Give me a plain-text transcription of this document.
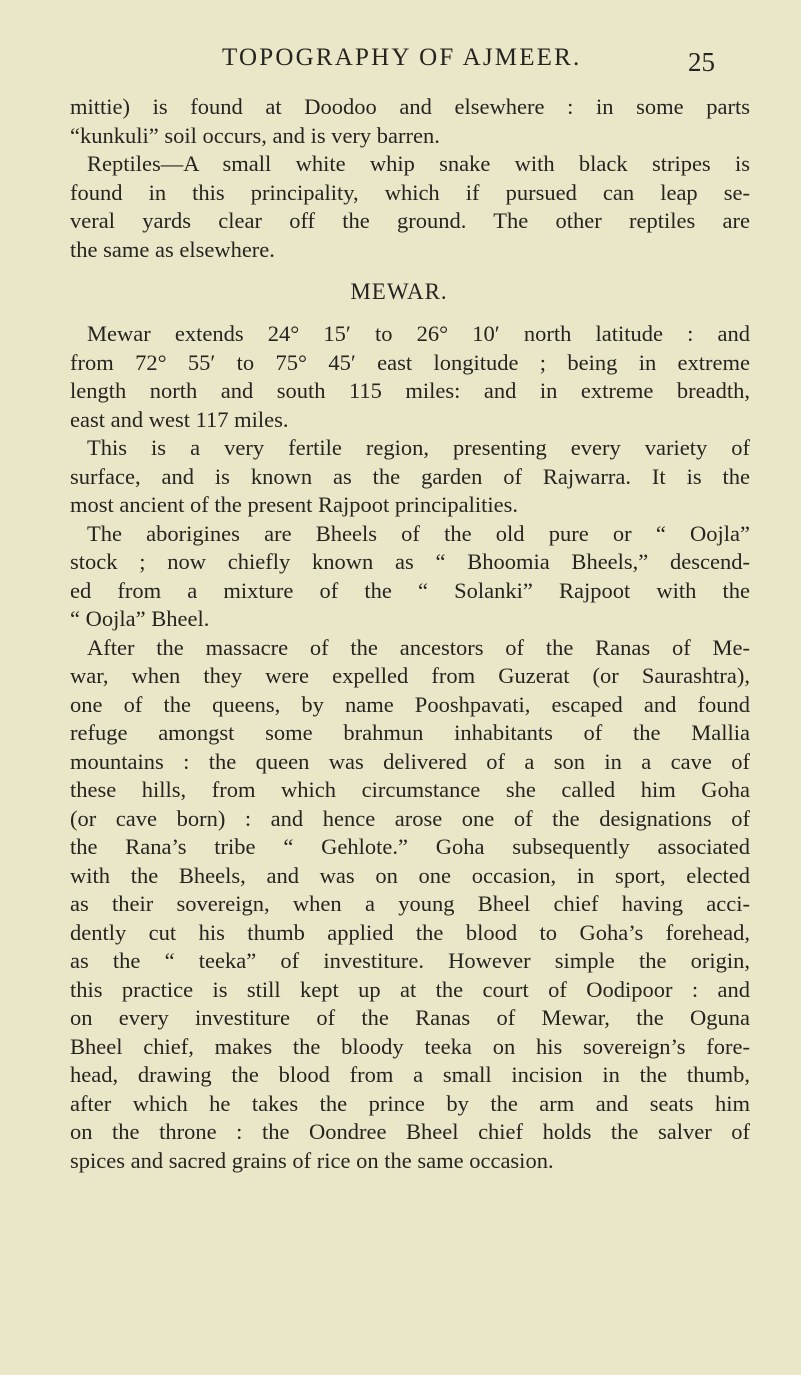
TOPOGRAPHY OF AJMEER.	25
mittie) is found at Doodoo and elsewhere : in some parts
“kunkuli” soil occurs, and is very barren.
Reptiles—A small white whip snake with black stripes is
found in this principality, which if pursued can leap se-
veral yards clear off the ground. The other reptiles are
the same as elsewhere.
MEWAR.
Mewar extends 24° 15′ to 26° 10′ north latitude : and
from 72° 55′ to 75° 45′ east longitude ; being in extreme
length north and south 115 miles: and in extreme breadth,
east and west 117 miles.
This is a very fertile region, presenting every variety of
surface, and is known as the garden of Rajwarra. It is the
most ancient of the present Rajpoot principalities.
The aborigines are Bheels of the old pure or “ Oojla”
stock ; now chiefly known as “ Bhoomia Bheels,” descend-
ed from a mixture of the “ Solanki” Rajpoot with the
“ Oojla” Bheel.
After the massacre of the ancestors of the Ranas of Me-
war, when they were expelled from Guzerat (or Saurashtra),
one of the queens, by name Pooshpavati, escaped and found
refuge amongst some brahmun inhabitants of the Mallia
mountains : the queen was delivered of a son in a cave of
these hills, from which circumstance she called him Goha
(or cave born) : and hence arose one of the designations of
the Rana’s tribe “ Gehlote.” Goha subsequently associated
with the Bheels, and was on one occasion, in sport, elected
as their sovereign, when a young Bheel chief having acci-
dently cut his thumb applied the blood to Goha’s forehead,
as the “ teeka” of investiture. However simple the origin,
this practice is still kept up at the court of Oodipoor : and
on every investiture of the Ranas of Mewar, the Oguna
Bheel chief, makes the bloody teeka on his sovereign’s fore-
head, drawing the blood from a small incision in the thumb,
after which he takes the prince by the arm and seats him
on the throne : the Oondree Bheel chief holds the salver of
spices and sacred grains of rice on the same occasion.
